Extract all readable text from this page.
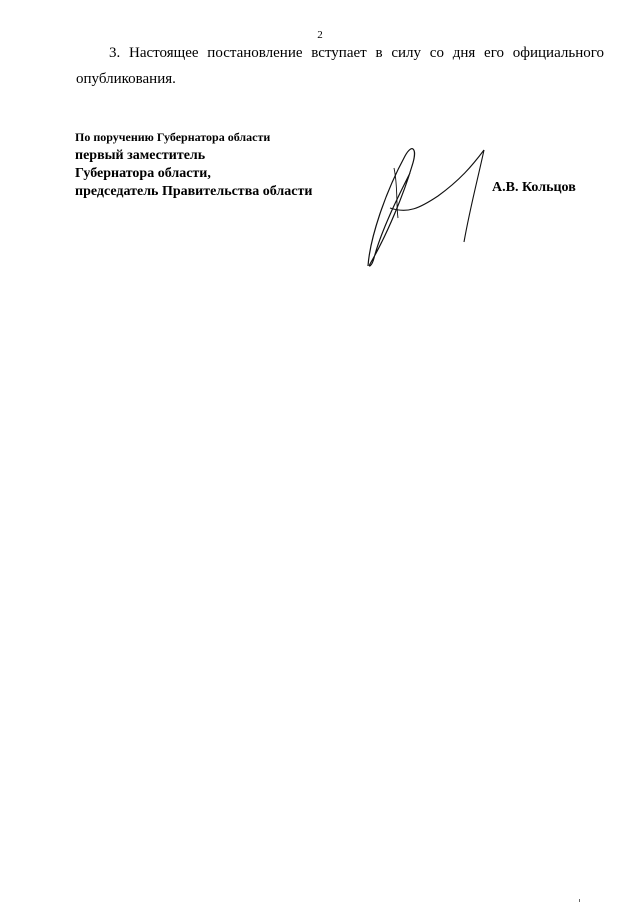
2

3. Настоящее постановление вступает в силу со дня его официального опубликования.

По поручению Губернатора области
первый заместитель
Губернатора области,
председатель Правительства области	А.В. Кольцов
